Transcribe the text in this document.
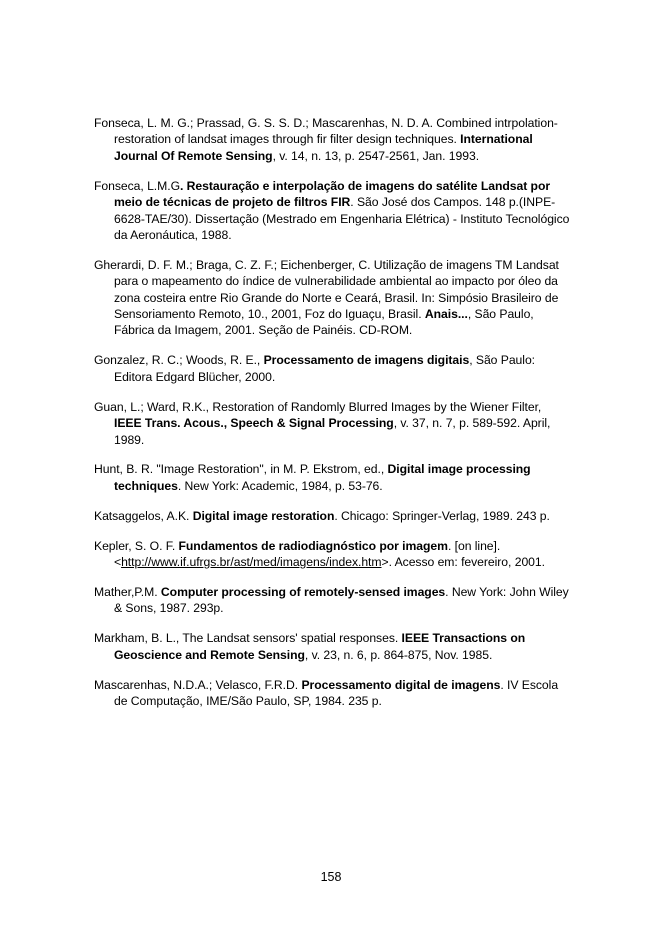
Fonseca, L. M. G.; Prassad, G. S. S. D.; Mascarenhas, N. D. A. Combined intrpolation-restoration of landsat images through fir filter design techniques. International Journal Of Remote Sensing, v. 14, n. 13, p. 2547-2561, Jan. 1993.

Fonseca, L.M.G. Restauração e interpolação de imagens do satélite Landsat por meio de técnicas de projeto de filtros FIR. São José dos Campos. 148 p.(INPE-6628-TAE/30). Dissertação (Mestrado em Engenharia Elétrica) - Instituto Tecnológico da Aeronáutica, 1988.

Gherardi, D. F. M.; Braga, C. Z. F.; Eichenberger, C. Utilização de imagens TM Landsat para o mapeamento do índice de vulnerabilidade ambiental ao impacto por óleo da zona costeira entre Rio Grande do Norte e Ceará, Brasil. In: Simpósio Brasileiro de Sensoriamento Remoto, 10., 2001, Foz do Iguaçu, Brasil. Anais..., São Paulo, Fábrica da Imagem, 2001. Seção de Painéis. CD-ROM.

Gonzalez, R. C.; Woods, R. E., Processamento de imagens digitais, São Paulo: Editora Edgard Blücher, 2000.

Guan, L.; Ward, R.K., Restoration of Randomly Blurred Images by the Wiener Filter, IEEE Trans. Acous., Speech & Signal Processing, v. 37, n. 7, p. 589-592. April, 1989.

Hunt, B. R. "Image Restoration", in M. P. Ekstrom, ed., Digital image processing techniques. New York: Academic, 1984, p. 53-76.

Katsaggelos, A.K. Digital image restoration. Chicago: Springer-Verlag, 1989. 243 p.

Kepler, S. O. F. Fundamentos de radiodiagnóstico por imagem. [on line]. <http://www.if.ufrgs.br/ast/med/imagens/index.htm>. Acesso em: fevereiro, 2001.

Mather,P.M. Computer processing of remotely-sensed images. New York: John Wiley & Sons, 1987. 293p.

Markham, B. L., The Landsat sensors' spatial responses. IEEE Transactions on Geoscience and Remote Sensing, v. 23, n. 6, p. 864-875, Nov. 1985.

Mascarenhas, N.D.A.; Velasco, F.R.D. Processamento digital de imagens. IV Escola de Computação, IME/São Paulo, SP, 1984. 235 p.

158
